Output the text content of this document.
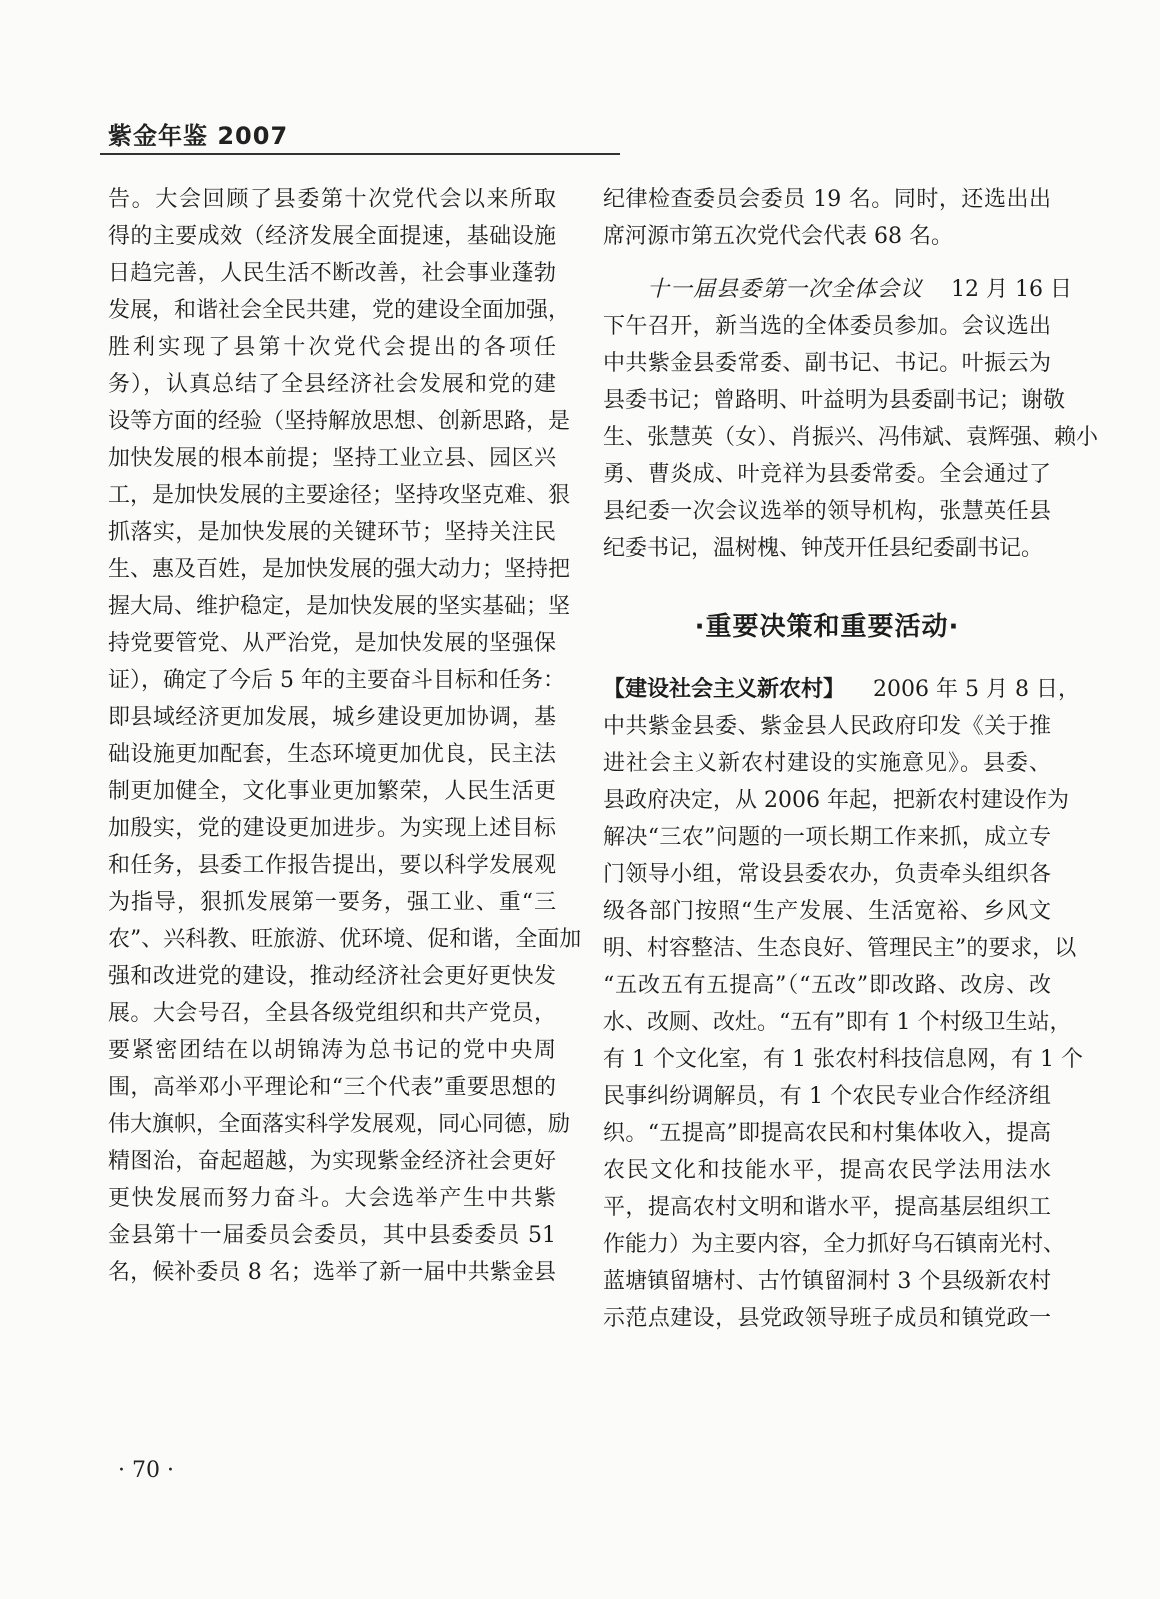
紫金年鉴 2007
告。大会回顾了县委第十次党代会以来所取
得的主要成效（经济发展全面提速，基础设施
日趋完善，人民生活不断改善，社会事业蓬勃
发展，和谐社会全民共建，党的建设全面加强，
胜利实现了县第十次党代会提出的各项任
务），认真总结了全县经济社会发展和党的建
设等方面的经验（坚持解放思想、创新思路，是
加快发展的根本前提；坚持工业立县、园区兴
工，是加快发展的主要途径；坚持攻坚克难、狠
抓落实，是加快发展的关键环节；坚持关注民
生、惠及百姓，是加快发展的强大动力；坚持把
握大局、维护稳定，是加快发展的坚实基础；坚
持党要管党、从严治党，是加快发展的坚强保
证），确定了今后 5 年的主要奋斗目标和任务：
即县域经济更加发展，城乡建设更加协调，基
础设施更加配套，生态环境更加优良，民主法
制更加健全，文化事业更加繁荣，人民生活更
加殷实，党的建设更加进步。为实现上述目标
和任务，县委工作报告提出，要以科学发展观
为指导，狠抓发展第一要务，强工业、重“三
农”、兴科教、旺旅游、优环境、促和谐，全面加
强和改进党的建设，推动经济社会更好更快发
展。大会号召，全县各级党组织和共产党员，
要紧密团结在以胡锦涛为总书记的党中央周
围，高举邓小平理论和“三个代表”重要思想的
伟大旗帜，全面落实科学发展观，同心同德，励
精图治，奋起超越，为实现紫金经济社会更好
更快发展而努力奋斗。大会选举产生中共紫
金县第十一届委员会委员，其中县委委员 51
名，候补委员 8 名；选举了新一届中共紫金县
纪律检查委员会委员 19 名。同时，还选出出
席河源市第五次党代会代表 68 名。
十一届县委第一次全体会议 12 月 16 日
下午召开，新当选的全体委员参加。会议选出
中共紫金县委常委、副书记、书记。叶振云为
县委书记；曾路明、叶益明为县委副书记；谢敬
生、张慧英（女）、肖振兴、冯伟斌、袁辉强、赖小
勇、曹炎成、叶竞祥为县委常委。全会通过了
县纪委一次会议选举的领导机构，张慧英任县
纪委书记，温树槐、钟茂开任县纪委副书记。
·重要决策和重要活动·
【建设社会主义新农村】 2006 年 5 月 8 日，
中共紫金县委、紫金县人民政府印发《关于推
进社会主义新农村建设的实施意见》。县委、
县政府决定，从 2006 年起，把新农村建设作为
解决“三农”问题的一项长期工作来抓，成立专
门领导小组，常设县委农办，负责牵头组织各
级各部门按照“生产发展、生活宽裕、乡风文
明、村容整洁、生态良好、管理民主”的要求，以
“五改五有五提高”（“五改”即改路、改房、改
水、改厕、改灶。“五有”即有 1 个村级卫生站，
有 1 个文化室，有 1 张农村科技信息网，有 1 个
民事纠纷调解员，有 1 个农民专业合作经济组
织。“五提高”即提高农民和村集体收入，提高
农民文化和技能水平，提高农民学法用法水
平，提高农村文明和谐水平，提高基层组织工
作能力）为主要内容，全力抓好乌石镇南光村、
蓝塘镇留塘村、古竹镇留洞村 3 个县级新农村
示范点建设，县党政领导班子成员和镇党政一
· 70 ·
